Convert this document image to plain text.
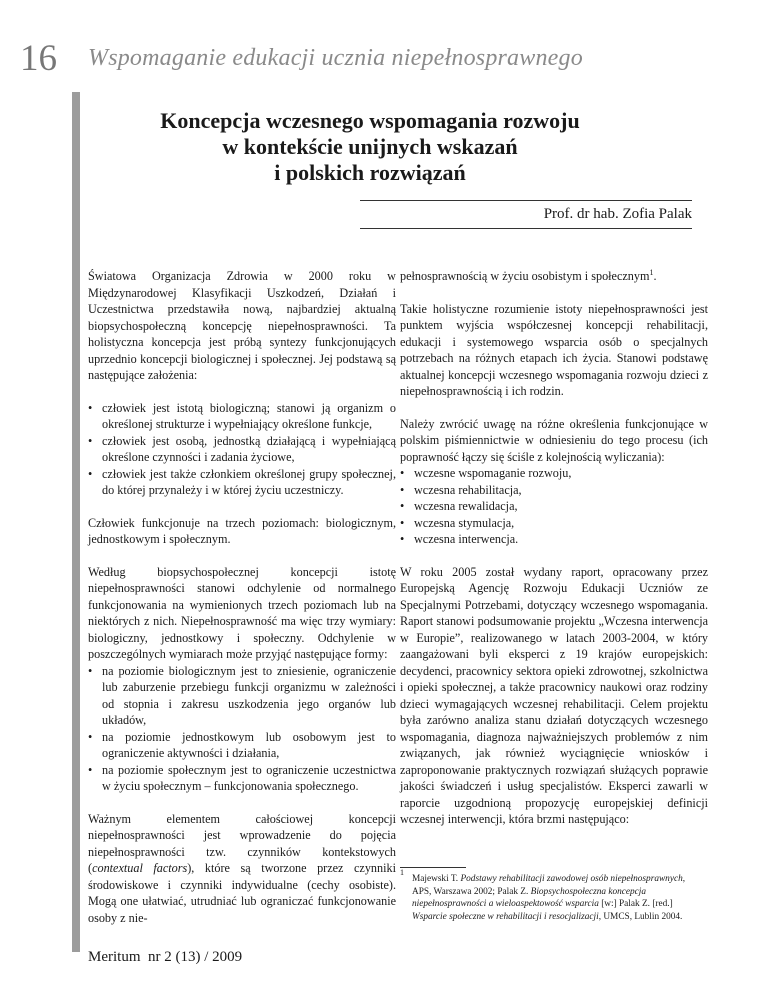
16 Wspomaganie edukacji ucznia niepełnosprawnego
Koncepcja wczesnego wspomagania rozwoju
w kontekście unijnych wskazań
i polskich rozwiązań
Prof. dr hab. Zofia Palak

Światowa Organizacja Zdrowia w 2000 roku w Międzynarodowej Klasyfikacji Uszkodzeń, Działań i Uczestnictwa przedstawiła nową, najbardziej aktualną biopsychospołeczną koncepcję niepełnosprawności. Ta holistyczna koncepcja jest próbą syntezy funkcjonujących uprzednio koncepcji biologicznej i społecznej. Jej podstawą są następujące założenia:

• człowiek jest istotą biologiczną; stanowi ją organizm o określonej strukturze i wypełniający określone funkcje,
• człowiek jest osobą, jednostką działającą i wypełniającą określone czynności i zadania życiowe,
• człowiek jest także członkiem określonej grupy społecznej, do której przynależy i w której życiu uczestniczy.

Człowiek funkcjonuje na trzech poziomach: biologicznym, jednostkowym i społecznym.

Według biopsychospołecznej koncepcji istotę niepełnosprawności stanowi odchylenie od normalnego funkcjonowania na wymienionych trzech poziomach lub na niektórych z nich. Niepełnosprawność ma więc trzy wymiary: biologiczny, jednostkowy i społeczny. Odchylenie w poszczególnych wymiarach może przyjąć następujące formy:

• na poziomie biologicznym jest to zniesienie, ograniczenie lub zaburzenie przebiegu funkcji organizmu w zależności od stopnia i zakresu uszkodzenia jego organów lub układów,
• na poziomie jednostkowym lub osobowym jest to ograniczenie aktywności i działania,
• na poziomie społecznym jest to ograniczenie uczestnictwa w życiu społecznym – funkcjonowania społecznego.

Ważnym elementem całościowej koncepcji niepełnosprawności jest wprowadzenie do pojęcia niepełnosprawności tzw. czynników kontekstowych (contextual factors), które są tworzone przez czynniki środowiskowe i czynniki indywidualne (cechy osobiste). Mogą one ułatwiać, utrudniać lub ograniczać funkcjonowanie osoby z nie-

pełnosprawnością w życiu osobistym i społecznym$^1$.

Takie holistyczne rozumienie istoty niepełnosprawności jest punktem wyjścia współczesnej koncepcji rehabilitacji, edukacji i systemowego wsparcia osób o specjalnych potrzebach na różnych etapach ich życia. Stanowi podstawę aktualnej koncepcji wczesnego wspomagania rozwoju dzieci z niepełnosprawnością i ich rodzin.

Należy zwrócić uwagę na różne określenia funkcjonujące w polskim piśmiennictwie w odniesieniu do tego procesu (ich poprawność łączy się ściśle z kolejnością wyliczania):

• wczesne wspomaganie rozwoju,
• wczesna rehabilitacja,
• wczesna rewalidacja,
• wczesna stymulacja,
• wczesna interwencja.

W roku 2005 został wydany raport, opracowany przez Europejską Agencję Rozwoju Edukacji Uczniów ze Specjalnymi Potrzebami, dotyczący wczesnego wspomagania. Raport stanowi podsumowanie projektu „Wczesna interwencja w Europie”, realizowanego w latach 2003-2004, w który zaangażowani byli eksperci z 19 krajów europejskich: decydenci, pracownicy sektora opieki zdrowotnej, szkolnictwa i opieki społecznej, a także pracownicy naukowi oraz rodziny dzieci wymagających wczesnej rehabilitacji. Celem projektu była zarówno analiza stanu działań dotyczących wczesnego wspomagania, diagnoza najważniejszych problemów z nim związanych, jak również wyciągnięcie wniosków i zaproponowanie praktycznych rozwiązań służących poprawie jakości świadczeń i usług specjalistów. Eksperci zawarli w raporcie uzgodnioną propozycję europejskiej definicji wczesnej interwencji, która brzmi następująco:

1
Majewski T. Podstawy rehabilitacji zawodowej osób niepełnosprawnych, APS, Warszawa 2002; Palak Z. Biopsychospołeczna koncepcja niepełnosprawności a wieloaspektowość wsparcia [w:] Palak Z. [red.] Wsparcie społeczne w rehabilitacji i resocjalizacji, UMCS, Lublin 2004.
Meritum  nr 2 (13) / 2009
